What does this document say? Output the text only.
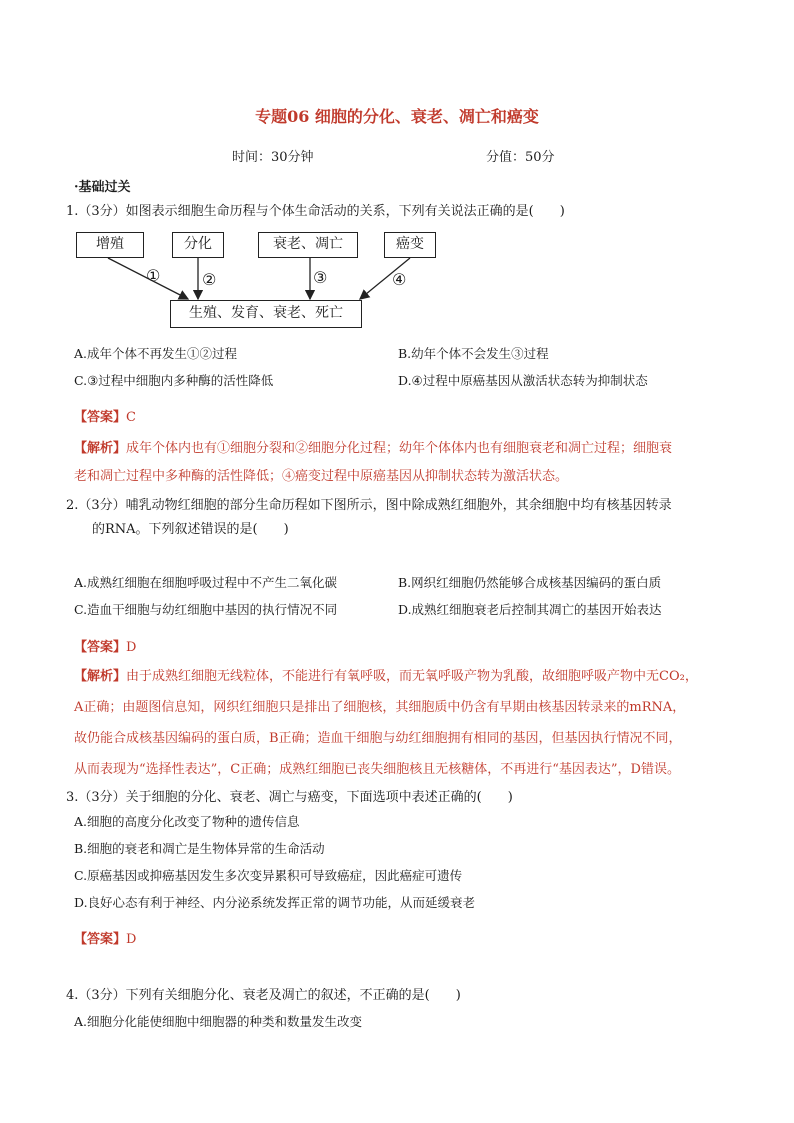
专题06 细胞的分化、衰老、凋亡和癌变
时间：30分钟	分值：50分
·基础过关
1.（3分）如图表示细胞生命历程与个体生命活动的关系，下列有关说法正确的是(　　)
增殖	分化	衰老、凋亡	癌变
生殖、发育、衰老、死亡
①	②	③	④
A.成年个体不再发生①②过程	B.幼年个体不会发生③过程
C.③过程中细胞内多种酶的活性降低	D.④过程中原癌基因从激活状态转为抑制状态
【答案】C
【解析】成年个体内也有①细胞分裂和②细胞分化过程；幼年个体体内也有细胞衰老和凋亡过程；细胞衰
老和凋亡过程中多种酶的活性降低；④癌变过程中原癌基因从抑制状态转为激活状态。
2.（3分）哺乳动物红细胞的部分生命历程如下图所示，图中除成熟红细胞外，其余细胞中均有核基因转录
的RNA。下列叙述错误的是(　　)
A.成熟红细胞在细胞呼吸过程中不产生二氧化碳	B.网织红细胞仍然能够合成核基因编码的蛋白质
C.造血干细胞与幼红细胞中基因的执行情况不同	D.成熟红细胞衰老后控制其凋亡的基因开始表达
【答案】D
【解析】由于成熟红细胞无线粒体，不能进行有氧呼吸，而无氧呼吸产物为乳酸，故细胞呼吸产物中无CO₂，
A正确；由题图信息知，网织红细胞只是排出了细胞核，其细胞质中仍含有早期由核基因转录来的mRNA，
故仍能合成核基因编码的蛋白质，B正确；造血干细胞与幼红细胞拥有相同的基因，但基因执行情况不同，
从而表现为“选择性表达”，C正确；成熟红细胞已丧失细胞核且无核糖体，不再进行“基因表达”，D错误。
3.（3分）关于细胞的分化、衰老、凋亡与癌变，下面选项中表述正确的(　　)
A.细胞的高度分化改变了物种的遗传信息
B.细胞的衰老和凋亡是生物体异常的生命活动
C.原癌基因或抑癌基因发生多次变异累积可导致癌症，因此癌症可遗传
D.良好心态有利于神经、内分泌系统发挥正常的调节功能，从而延缓衰老
【答案】D
4.（3分）下列有关细胞分化、衰老及凋亡的叙述，不正确的是(　　)
A.细胞分化能使细胞中细胞器的种类和数量发生改变
